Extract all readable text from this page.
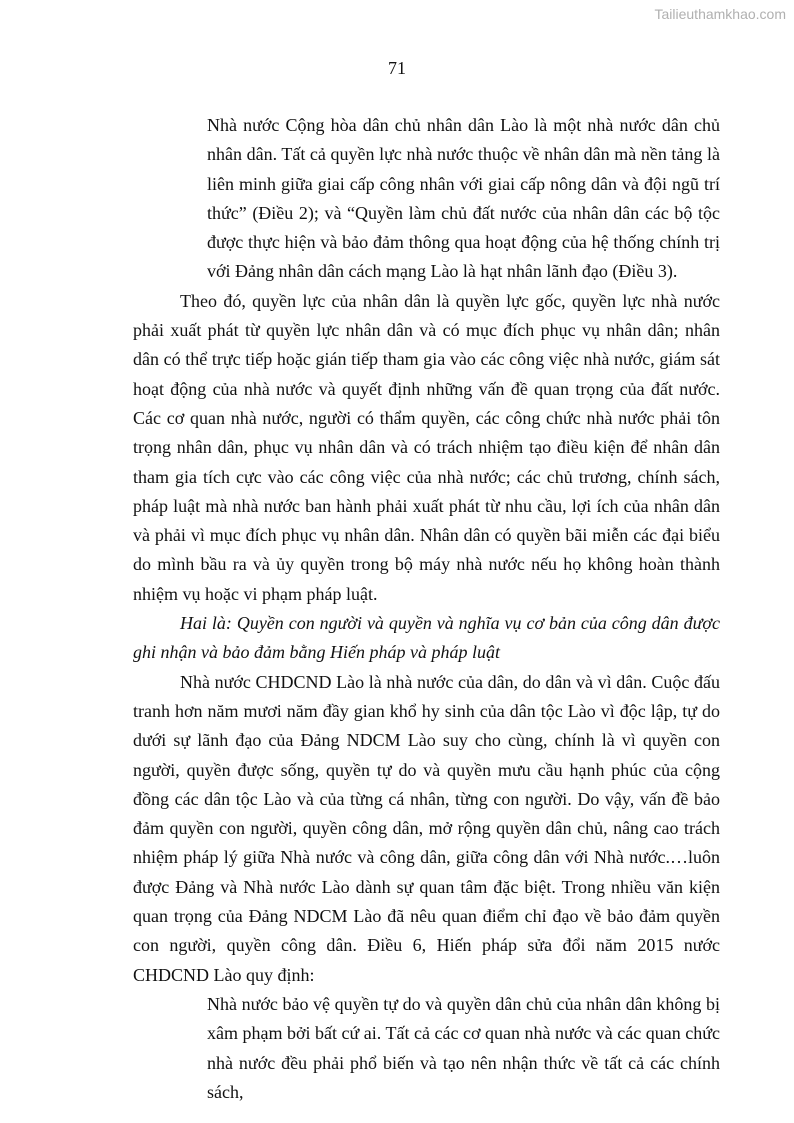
Tailieuthamkhao.com
71

Nhà nước Cộng hòa dân chủ nhân dân Lào là một nhà nước dân chủ nhân dân. Tất cả quyền lực nhà nước thuộc về nhân dân mà nền tảng là liên minh giữa giai cấp công nhân với giai cấp nông dân và đội ngũ trí thức” (Điều 2); và “Quyền làm chủ đất nước của nhân dân các bộ tộc được thực hiện và bảo đảm thông qua hoạt động của hệ thống chính trị với Đảng nhân dân cách mạng Lào là hạt nhân lãnh đạo (Điều 3).

Theo đó, quyền lực của nhân dân là quyền lực gốc, quyền lực nhà nước phải xuất phát từ quyền lực nhân dân và có mục đích phục vụ nhân dân; nhân dân có thể trực tiếp hoặc gián tiếp tham gia vào các công việc nhà nước, giám sát hoạt động của nhà nước và quyết định những vấn đề quan trọng của đất nước. Các cơ quan nhà nước, người có thẩm quyền, các công chức nhà nước phải tôn trọng nhân dân, phục vụ nhân dân và có trách nhiệm tạo điều kiện để nhân dân tham gia tích cực vào các công việc của nhà nước; các chủ trương, chính sách, pháp luật mà nhà nước ban hành phải xuất phát từ nhu cầu, lợi ích của nhân dân và phải vì mục đích phục vụ nhân dân. Nhân dân có quyền bãi miễn các đại biểu do mình bầu ra và ủy quyền trong bộ máy nhà nước nếu họ không hoàn thành nhiệm vụ hoặc vi phạm pháp luật.

Hai là: Quyền con người và quyền và nghĩa vụ cơ bản của công dân được ghi nhận và bảo đảm bằng Hiến pháp và pháp luật

Nhà nước CHDCND Lào là nhà nước của dân, do dân và vì dân. Cuộc đấu tranh hơn năm mươi năm đầy gian khổ hy sinh của dân tộc Lào vì độc lập, tự do dưới sự lãnh đạo của Đảng NDCM Lào suy cho cùng, chính là vì quyền con người, quyền được sống, quyền tự do và quyền mưu cầu hạnh phúc của cộng đồng các dân tộc Lào và của từng cá nhân, từng con người. Do vậy, vấn đề bảo đảm quyền con người, quyền công dân, mở rộng quyền dân chủ, nâng cao trách nhiệm pháp lý giữa Nhà nước và công dân, giữa công dân với Nhà nước.…luôn được Đảng và Nhà nước Lào dành sự quan tâm đặc biệt. Trong nhiều văn kiện quan trọng của Đảng NDCM Lào đã nêu quan điểm chỉ đạo về bảo đảm quyền con người, quyền công dân. Điều 6, Hiến pháp sửa đổi năm 2015 nước CHDCND Lào quy định:

Nhà nước bảo vệ quyền tự do và quyền dân chủ của nhân dân không bị xâm phạm bởi bất cứ ai. Tất cả các cơ quan nhà nước và các quan chức nhà nước đều phải phổ biến và tạo nên nhận thức về tất cả các chính sách,
